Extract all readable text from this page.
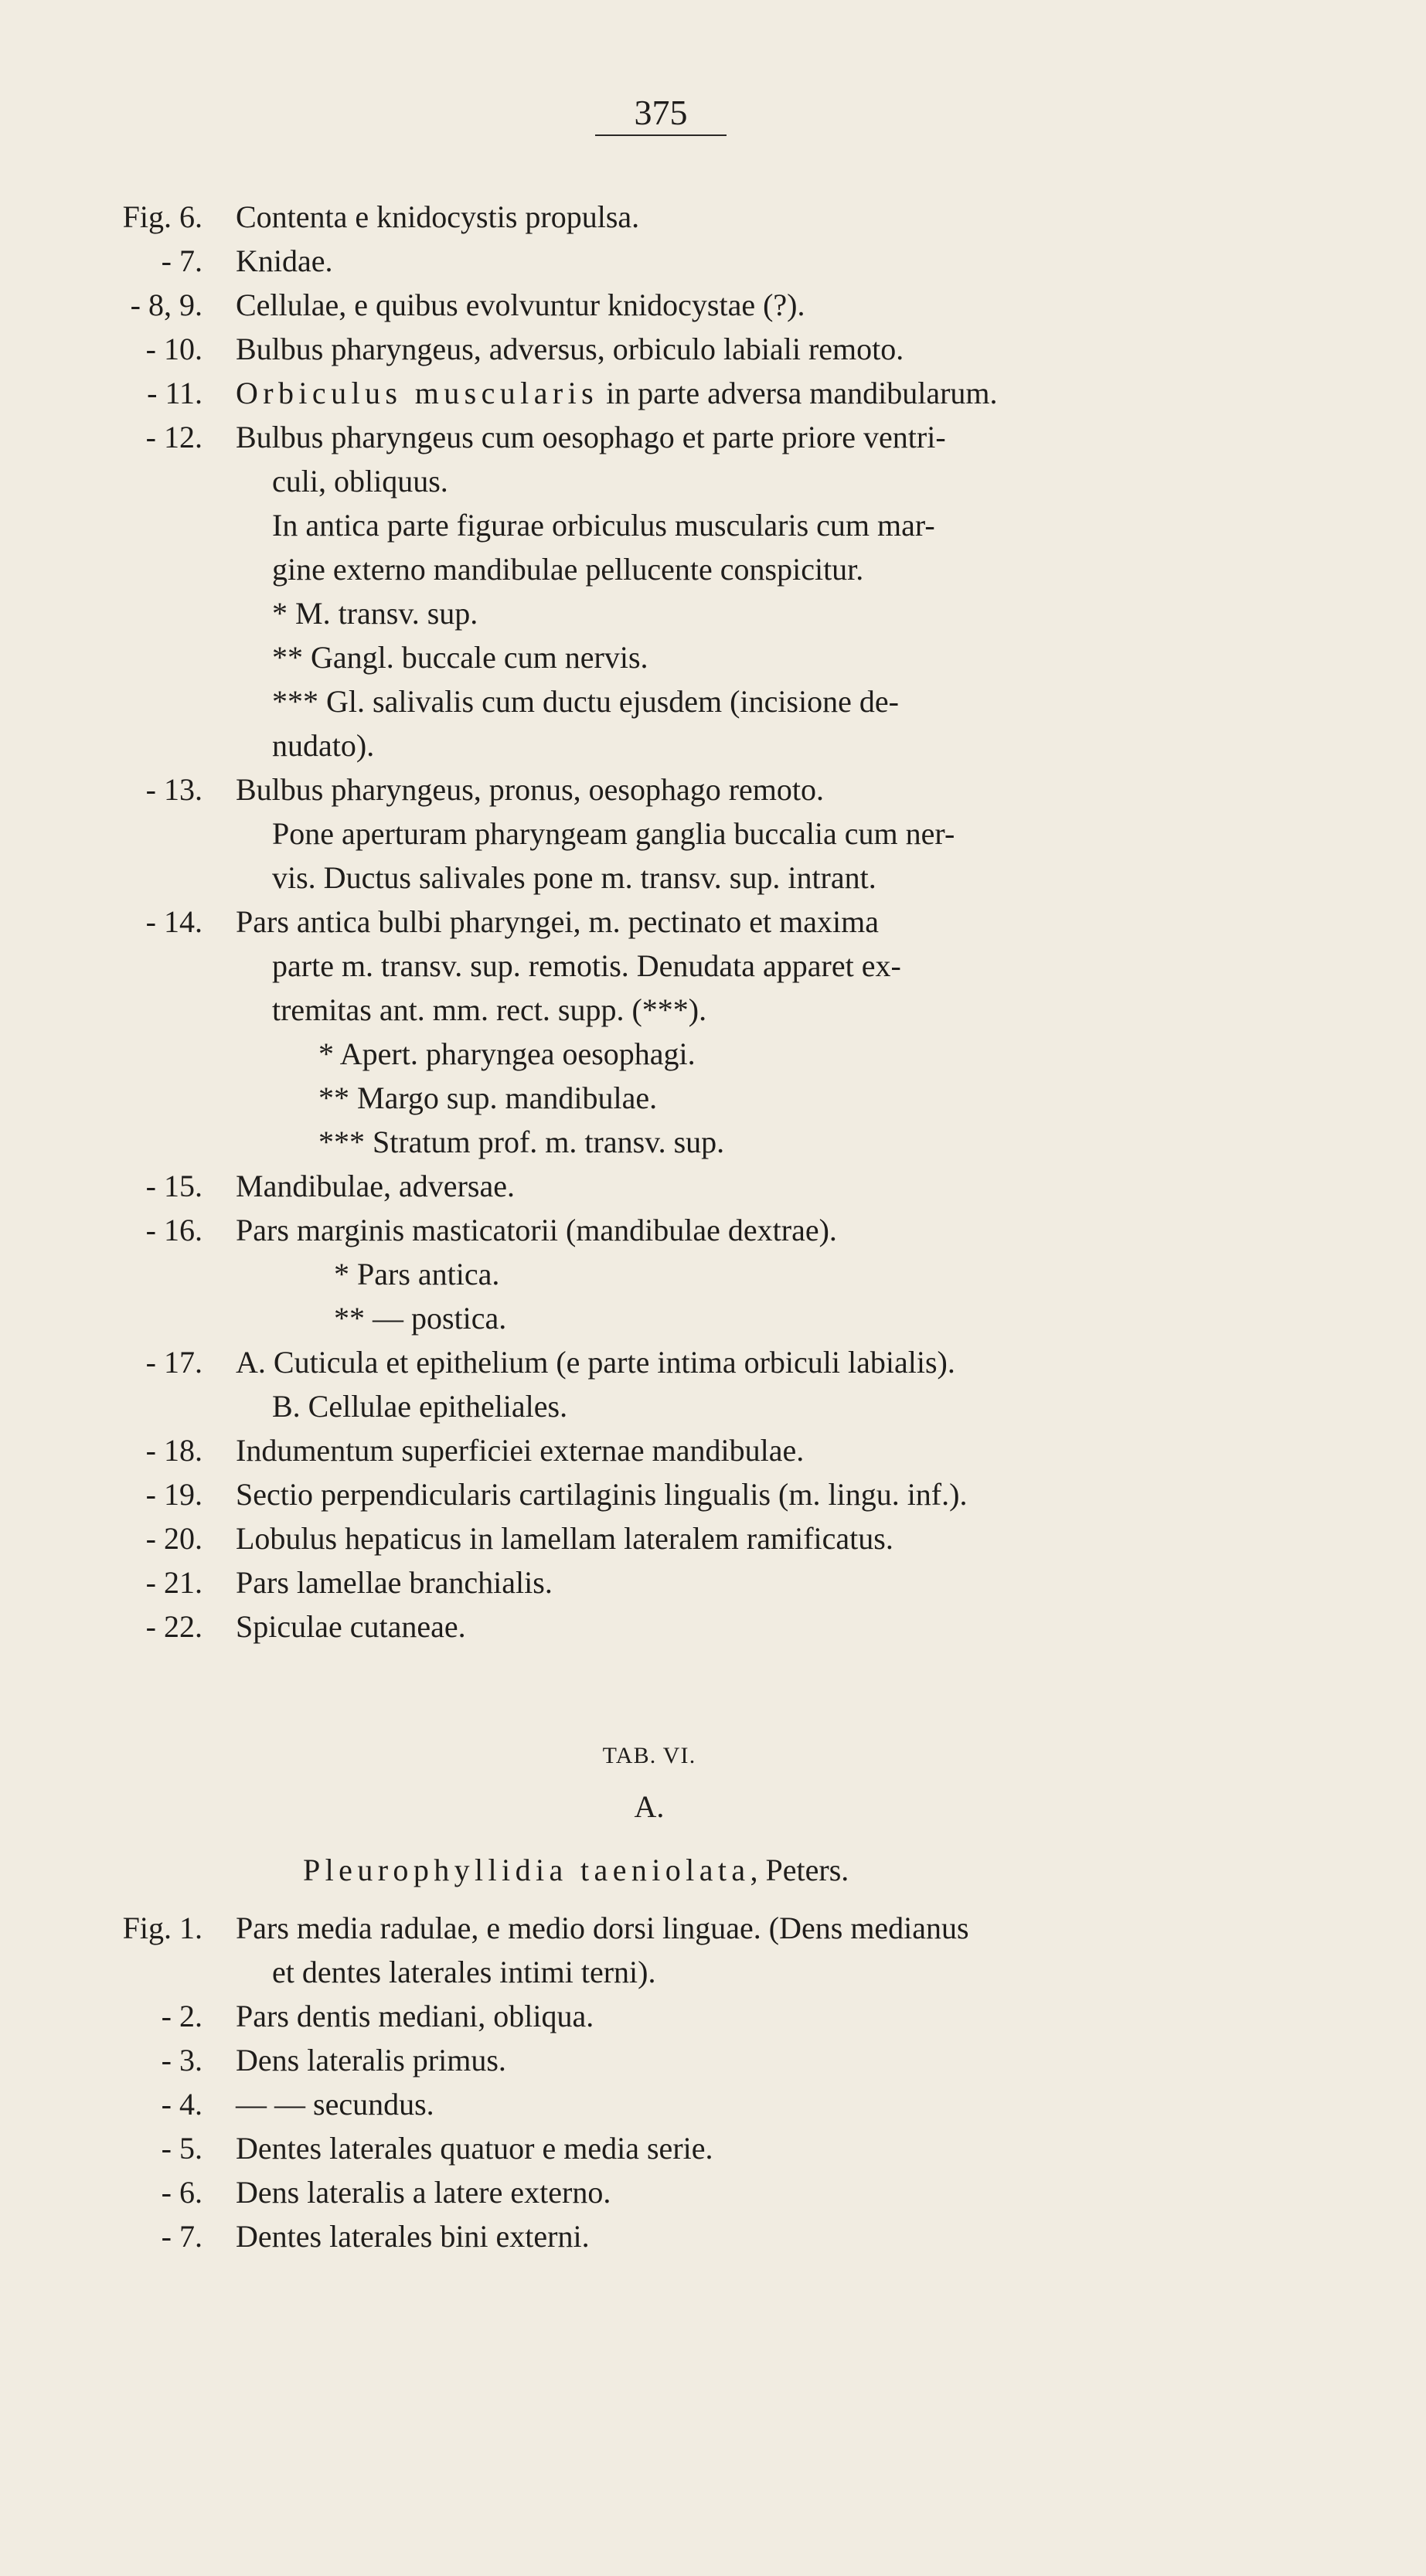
375
Fig. 6. Contenta e knidocystis propulsa.
- 7. Knidae.
- 8, 9. Cellulae, e quibus evolvuntur knidocystae (?).
- 10. Bulbus pharyngeus, adversus, orbiculo labiali remoto.
- 11. Orbiculus muscularis in parte adversa mandibularum.
- 12. Bulbus pharyngeus cum oesophago et parte priore ventri-
culi, obliquus.
In antica parte figurae orbiculus muscularis cum mar-
gine externo mandibulae pellucente conspicitur.
* M. transv. sup.
** Gangl. buccale cum nervis.
*** Gl. salivalis cum ductu ejusdem (incisione de-
nudato).
- 13. Bulbus pharyngeus, pronus, oesophago remoto.
Pone aperturam pharyngeam ganglia buccalia cum ner-
vis. Ductus salivales pone m. transv. sup. intrant.
- 14. Pars antica bulbi pharyngei, m. pectinato et maxima
parte m. transv. sup. remotis. Denudata apparet ex-
tremitas ant. mm. rect. supp. (***).
* Apert. pharyngea oesophagi.
** Margo sup. mandibulae.
*** Stratum prof. m. transv. sup.
- 15. Mandibulae, adversae.
- 16. Pars marginis masticatorii (mandibulae dextrae).
* Pars antica.
** — postica.
- 17. A. Cuticula et epithelium (e parte intima orbiculi labialis).
B. Cellulae epitheliales.
- 18. Indumentum superficiei externae mandibulae.
- 19. Sectio perpendicularis cartilaginis lingualis (m. lingu. inf.).
- 20. Lobulus hepaticus in lamellam lateralem ramificatus.
- 21. Pars lamellae branchialis.
- 22. Spiculae cutaneae.
TAB. VI.
A.
Pleurophyllidia taeniolata, Peters.
Fig. 1. Pars media radulae, e medio dorsi linguae. (Dens medianus
et dentes laterales intimi terni).
- 2. Pars dentis mediani, obliqua.
- 3. Dens lateralis primus.
- 4. — — secundus.
- 5. Dentes laterales quatuor e media serie.
- 6. Dens lateralis a latere externo.
- 7. Dentes laterales bini externi.
